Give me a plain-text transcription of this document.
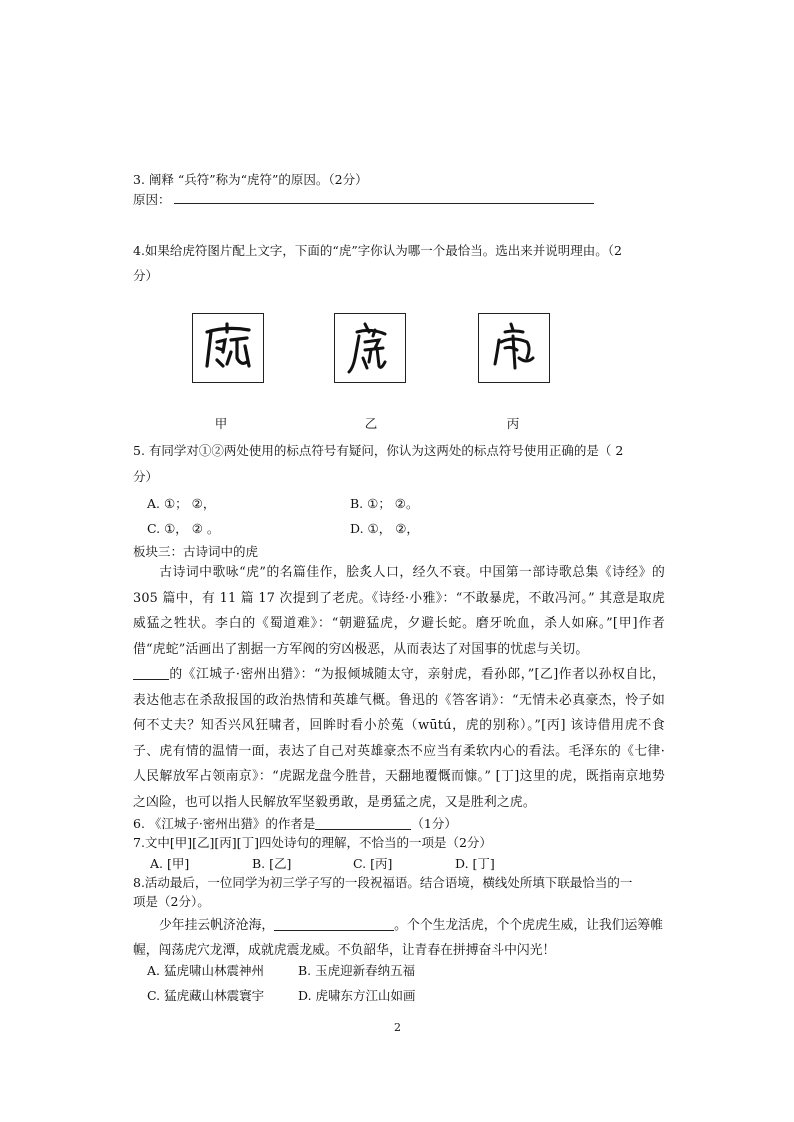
3. 阐释 “兵符”称为“虎符”的原因。（2分）
原因：
4.如果给虎符图片配上文字，下面的“虎”字你认为哪一个最恰当。选出来并说明理由。（2
分）
甲	乙	丙
5. 有同学对①②两处使用的标点符号有疑问，你认为这两处的标点符号使用正确的是（ 2
分）
A. ①； ②，	B. ①； ②。
C. ①， ② 。	D. ①， ②，
板块三：古诗词中的虎
古诗词中歌咏“虎”的名篇佳作，脍炙人口，经久不衰。中国第一部诗歌总集《诗经》的 305 篇中，有 11 篇 17 次提到了老虎。《诗经·小雅》：“不敢暴虎，不敢冯河。” 其意是取虎威猛之牲状。李白的《蜀道难》：“朝避猛虎，夕避长蛇。磨牙吮血，杀人如麻。”[甲]作者借“虎蛇”活画出了割据一方军阀的穷凶极恶，从而表达了对国事的忧虑与关切。
的《江城子·密州出猎》：“为报倾城随太守，亲射虎，看孙郎，”[乙]作者以孙权自比，表达他志在杀敌报国的政治热情和英雄气概。鲁迅的《答客诮》：“无情未必真豪杰，怜子如何不丈夫？知否兴风狂啸者，回眸时看小於菟（wūtú，虎的别称）。”[丙] 该诗借用虎不食子、虎有情的温情一面，表达了自己对英雄豪杰不应当有柔软内心的看法。毛泽东的《七律·人民解放军占领南京》：“虎踞龙盘今胜昔，天翻地覆慨而慷。” [丁]这里的虎，既指南京地势之凶险，也可以指人民解放军坚毅勇敢，是勇猛之虎，又是胜利之虎。
6. 《江城子·密州出猎》的作者是	（1分）
7.文中[甲][乙][丙][丁]四处诗句的理解，不恰当的一项是（2分）
A. [甲]	B. [乙]	C. [丙]	D. [丁]
8.活动最后，一位同学为初三学子写的一段祝福语。结合语境，横线处所填下联最恰当的一
项是（2分）。
少年挂云帆济沧海，	。个个生龙活虎，个个虎虎生威，让我们运筹帷幄，闯荡虎穴龙潭，成就虎震龙威。不负韶华，让青春在拼搏奋斗中闪光！
A. 猛虎啸山林震神州	B. 玉虎迎新春纳五福
C. 猛虎藏山林震寰宇	D. 虎啸东方江山如画
2
